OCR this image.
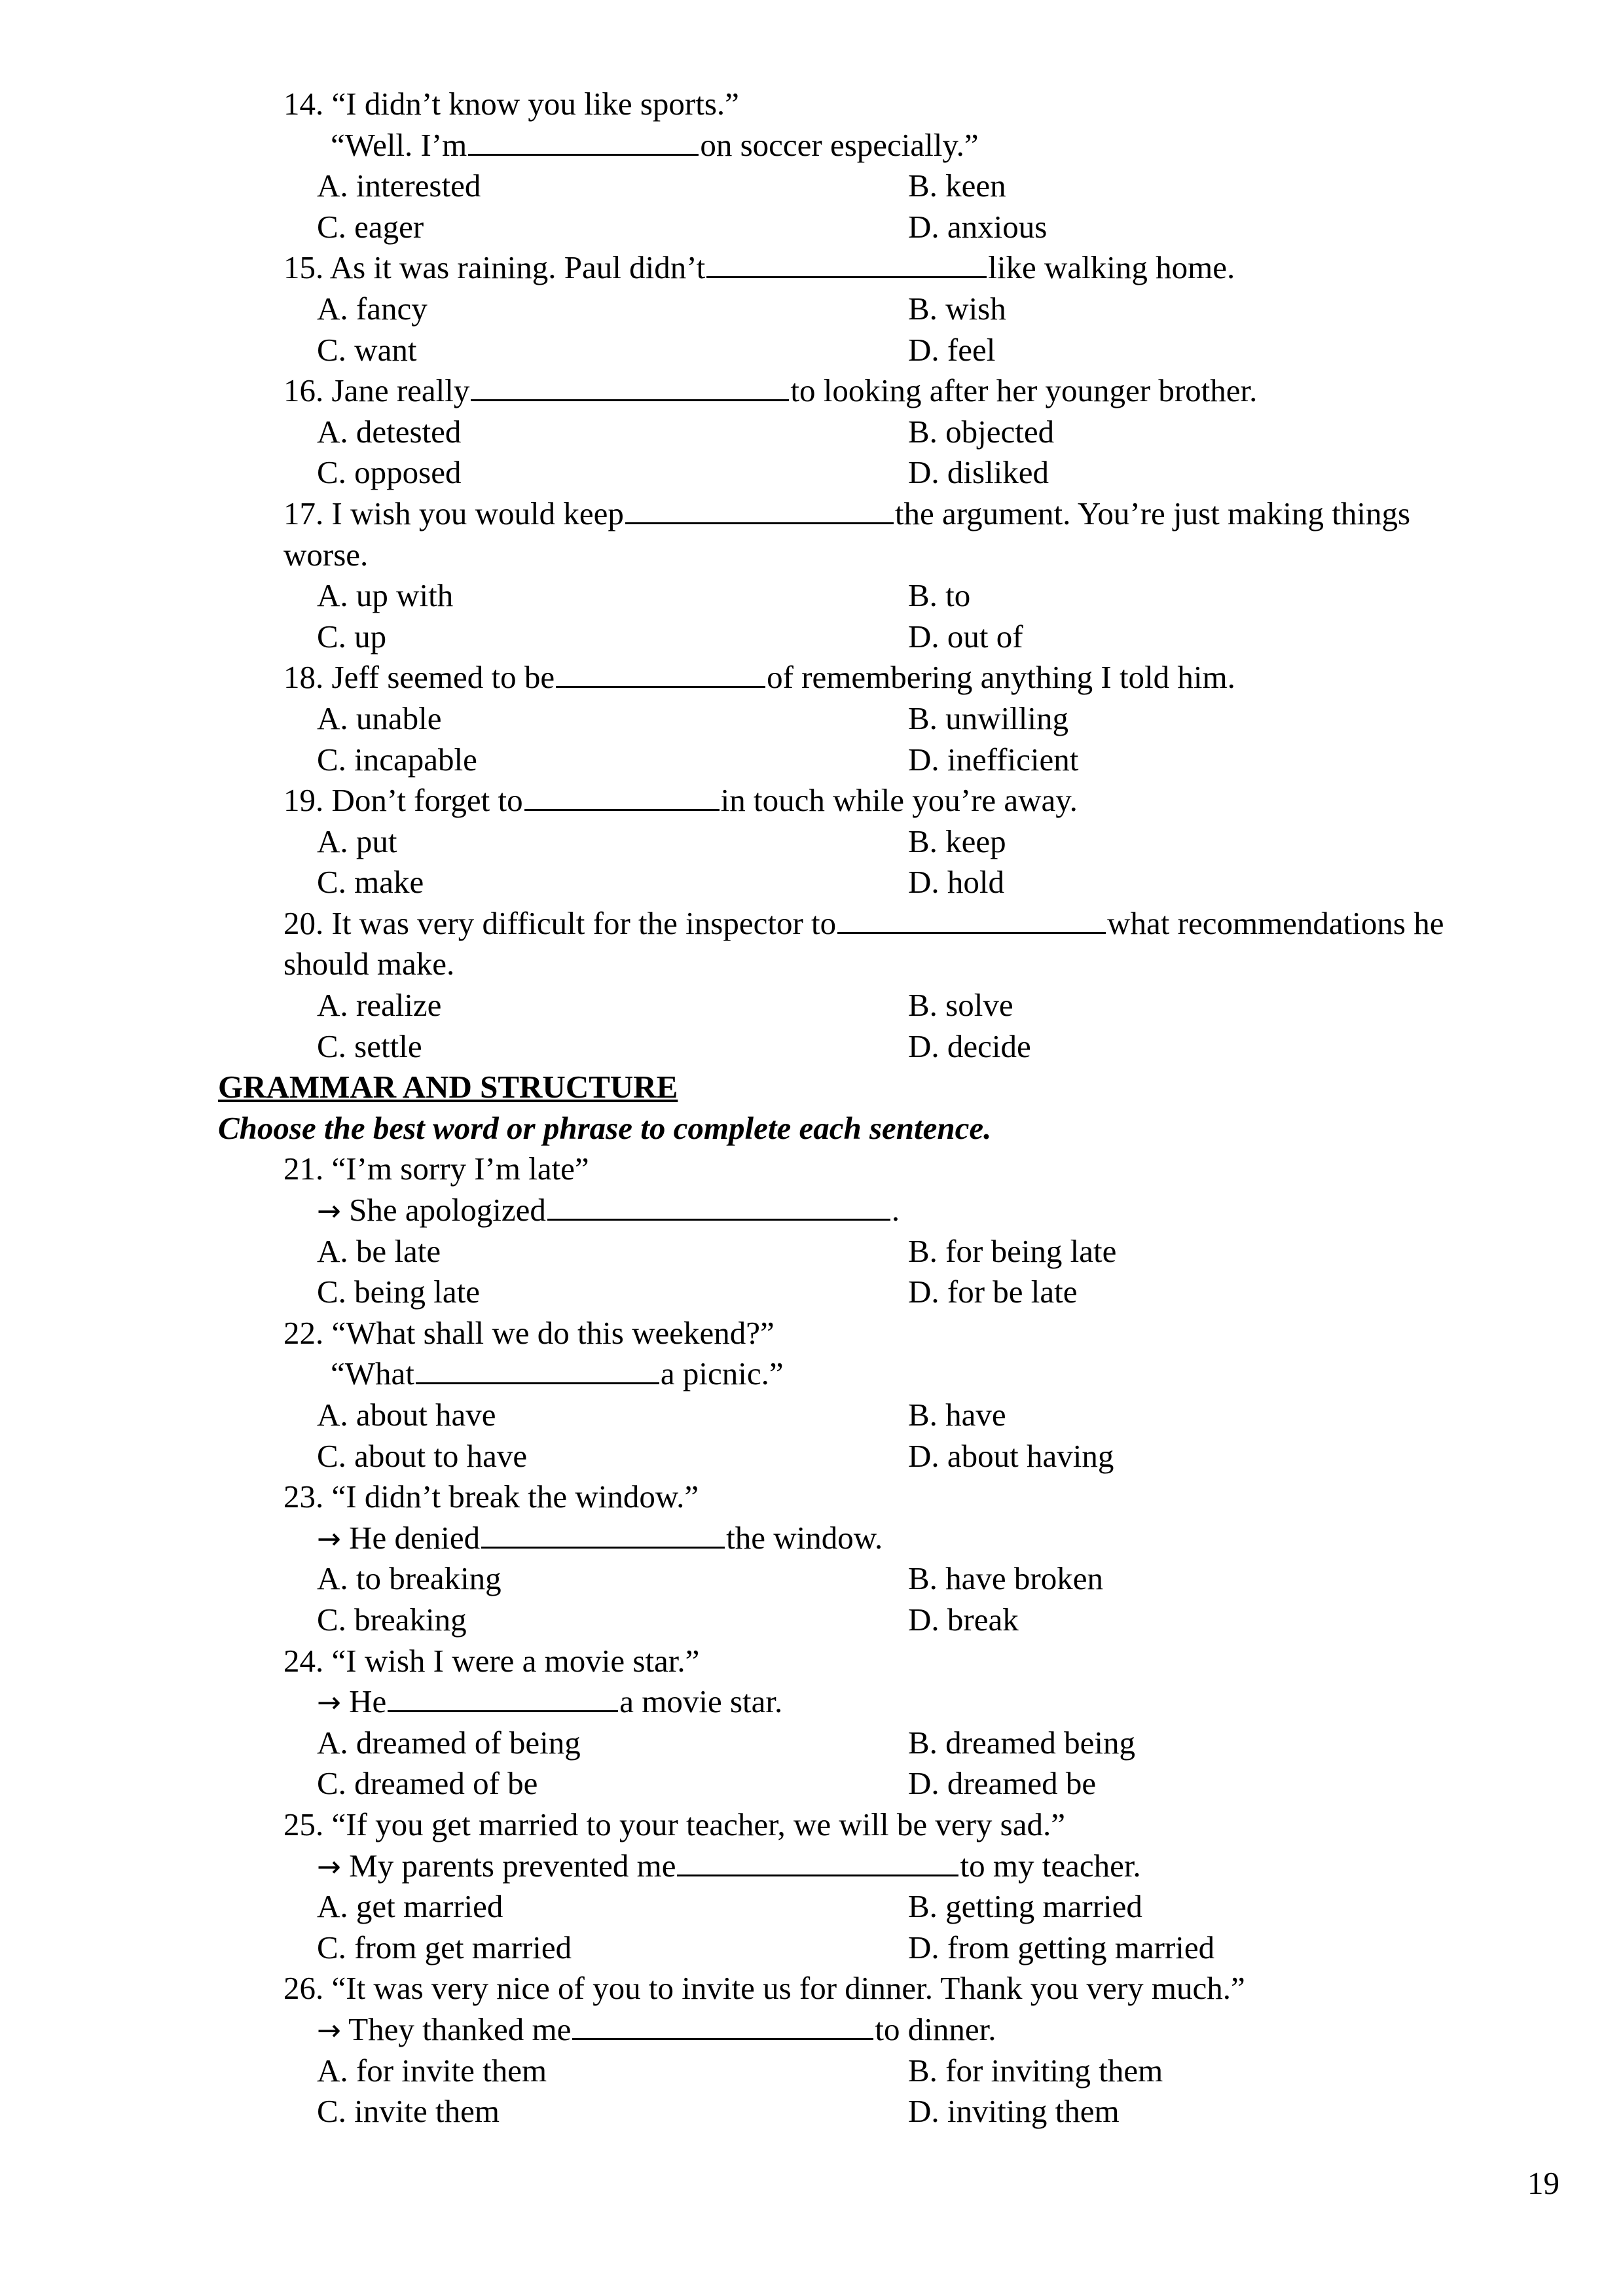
14. “I didn’t know you like sports.”
“Well. I’m	on soccer especially.”
A. interested	B. keen
C. eager	D. anxious
15. As it was raining. Paul didn’t	like walking home.
A. fancy	B. wish
C. want	D. feel
16. Jane really	to looking after her younger brother.
A. detested	B. objected
C. opposed	D. disliked
17. I wish you would keep	the argument. You’re just making things
worse.
A. up with	B. to
C. up	D. out of
18. Jeff seemed to be	of remembering anything I told him.
A. unable	B. unwilling
C. incapable	D. inefficient
19. Don’t forget to	in touch while you’re away.
A. put	B. keep
C. make	D. hold
20. It was very difficult for the inspector to	what recommendations he
should make.
A. realize	B. solve
C. settle	D. decide
GRAMMAR AND STRUCTURE
Choose the best word or phrase to complete each sentence.
21. “I’m sorry I’m late”
→ She apologized	.
A. be late	B. for being late
C. being late	D. for be late
22. “What shall we do this weekend?”
“What	a picnic.”
A. about have	B. have
C. about to have	D. about having
23. “I didn’t break the window.”
→ He denied	the window.
A. to breaking	B. have broken
C. breaking	D. break
24. “I wish I were a movie star.”
→ He	a movie star.
A. dreamed of being	B. dreamed being
C. dreamed of be	D. dreamed be
25. “If you get married to your teacher, we will be very sad.”
→ My parents prevented me	to my teacher.
A. get married	B. getting married
C. from get married	D. from getting married
26. “It was very nice of you to invite us for dinner. Thank you very much.”
→ They thanked me	to dinner.
A. for invite them	B. for inviting them
C. invite them	D. inviting them
19
